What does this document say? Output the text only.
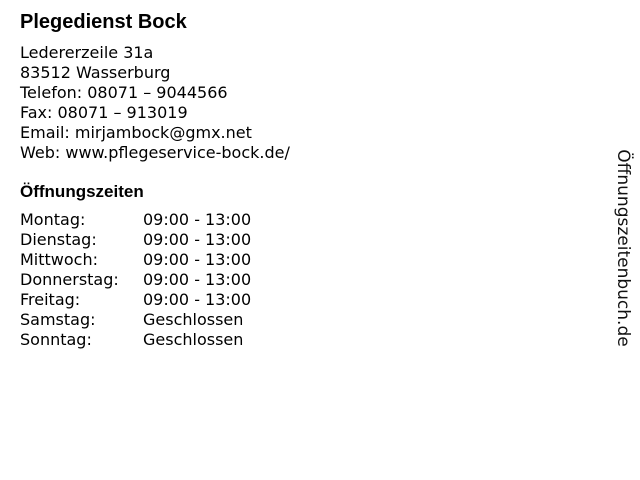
Plegedienst Bock
Ledererzeile 31a
83512 Wasserburg
Telefon: 08071 – 9044566
Fax: 08071 – 913019
Email: mirjambock@gmx.net
Web: www.pflegeservice-bock.de/
Öffnungszeiten
Montag:	09:00 - 13:00
Dienstag:	09:00 - 13:00
Mittwoch:	09:00 - 13:00
Donnerstag:	09:00 - 13:00
Freitag:	09:00 - 13:00
Samstag:	Geschlossen
Sonntag:	Geschlossen	Öffnungszeitenbuch.de
